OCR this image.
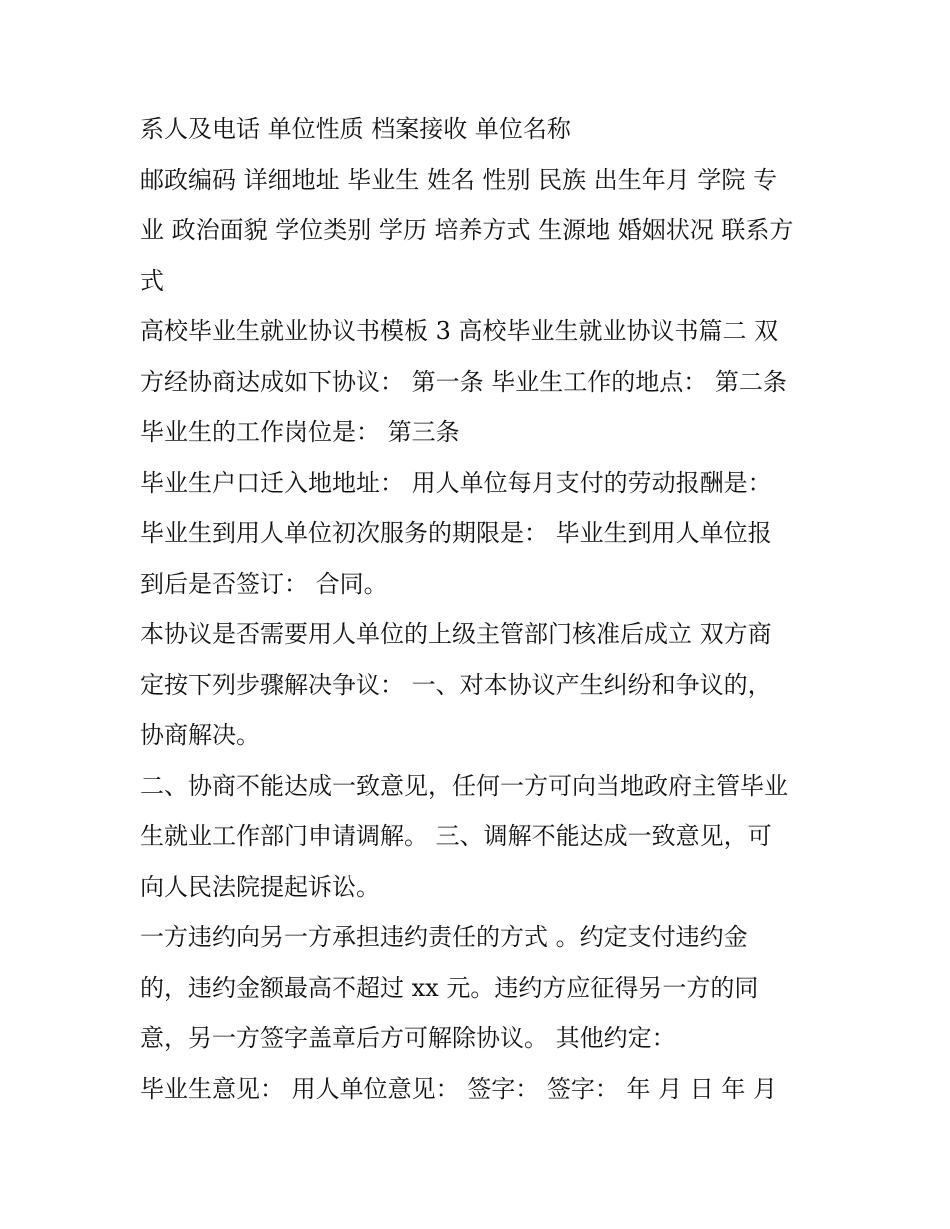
系人及电话 单位性质 档案接收 单位名称
邮政编码 详细地址 毕业生 姓名 性别 民族 出生年月 学院 专
业 政治面貌 学位类别 学历 培养方式 生源地 婚姻状况 联系方
式
高校毕业生就业协议书模板 3 高校毕业生就业协议书篇二 双
方经协商达成如下协议： 第一条 毕业生工作的地点： 第二条
毕业生的工作岗位是： 第三条
毕业生户口迁入地地址： 用人单位每月支付的劳动报酬是：
毕业生到用人单位初次服务的期限是： 毕业生到用人单位报
到后是否签订： 合同。
本协议是否需要用人单位的上级主管部门核准后成立 双方商
定按下列步骤解决争议： 一、对本协议产生纠纷和争议的，
协商解决。
二、协商不能达成一致意见，任何一方可向当地政府主管毕业
生就业工作部门申请调解。 三、调解不能达成一致意见，可
向人民法院提起诉讼。
一方违约向另一方承担违约责任的方式 。约定支付违约金
的，违约金额最高不超过 xx 元。违约方应征得另一方的同
意，另一方签字盖章后方可解除协议。 其他约定：
毕业生意见： 用人单位意见： 签字： 签字： 年 月 日 年 月
